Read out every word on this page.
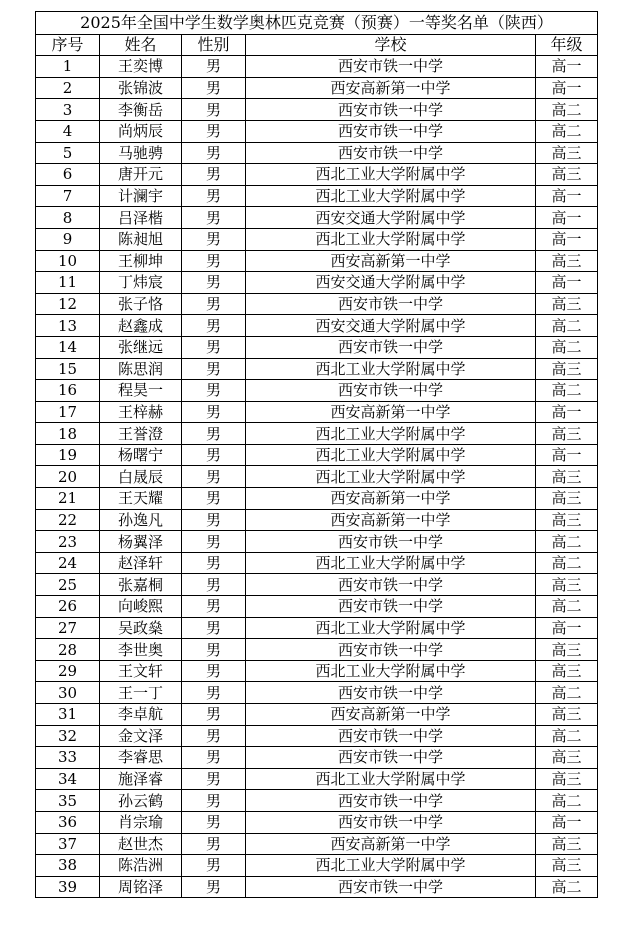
2025年全国中学生数学奥林匹克竞赛（预赛）一等奖名单（陕西）				
序号	姓名	性别	学校	年级
1	王奕博	男	西安市铁一中学	高一
2	张锦波	男	西安高新第一中学	高一
3	李衡岳	男	西安市铁一中学	高二
4	尚炳辰	男	西安市铁一中学	高二
5	马驰骋	男	西安市铁一中学	高三
6	唐开元	男	西北工业大学附属中学	高三
7	计澜宇	男	西北工业大学附属中学	高一
8	吕泽楷	男	西安交通大学附属中学	高一
9	陈昶旭	男	西北工业大学附属中学	高一
10	王柳坤	男	西安高新第一中学	高三
11	丁炜宸	男	西安交通大学附属中学	高一
12	张子恪	男	西安市铁一中学	高三
13	赵鑫成	男	西安交通大学附属中学	高二
14	张继远	男	西安市铁一中学	高二
15	陈思润	男	西北工业大学附属中学	高三
16	程昊一	男	西安市铁一中学	高二
17	王梓赫	男	西安高新第一中学	高一
18	王誉澄	男	西北工业大学附属中学	高三
19	杨曙宁	男	西北工业大学附属中学	高一
20	白晟辰	男	西北工业大学附属中学	高三
21	王天耀	男	西安高新第一中学	高三
22	孙逸凡	男	西安高新第一中学	高三
23	杨翼泽	男	西安市铁一中学	高二
24	赵泽轩	男	西北工业大学附属中学	高二
25	张嘉桐	男	西安市铁一中学	高三
26	向峻熙	男	西安市铁一中学	高二
27	吴政燊	男	西北工业大学附属中学	高一
28	李世奥	男	西安市铁一中学	高三
29	王文轩	男	西北工业大学附属中学	高三
30	王一丁	男	西安市铁一中学	高二
31	李卓航	男	西安高新第一中学	高三
32	金文泽	男	西安市铁一中学	高二
33	李睿思	男	西安市铁一中学	高三
34	施泽睿	男	西北工业大学附属中学	高三
35	孙云鹤	男	西安市铁一中学	高二
36	肖宗瑜	男	西安市铁一中学	高一
37	赵世杰	男	西安高新第一中学	高三
38	陈浩洲	男	西北工业大学附属中学	高三
39	周铭泽	男	西安市铁一中学	高二
